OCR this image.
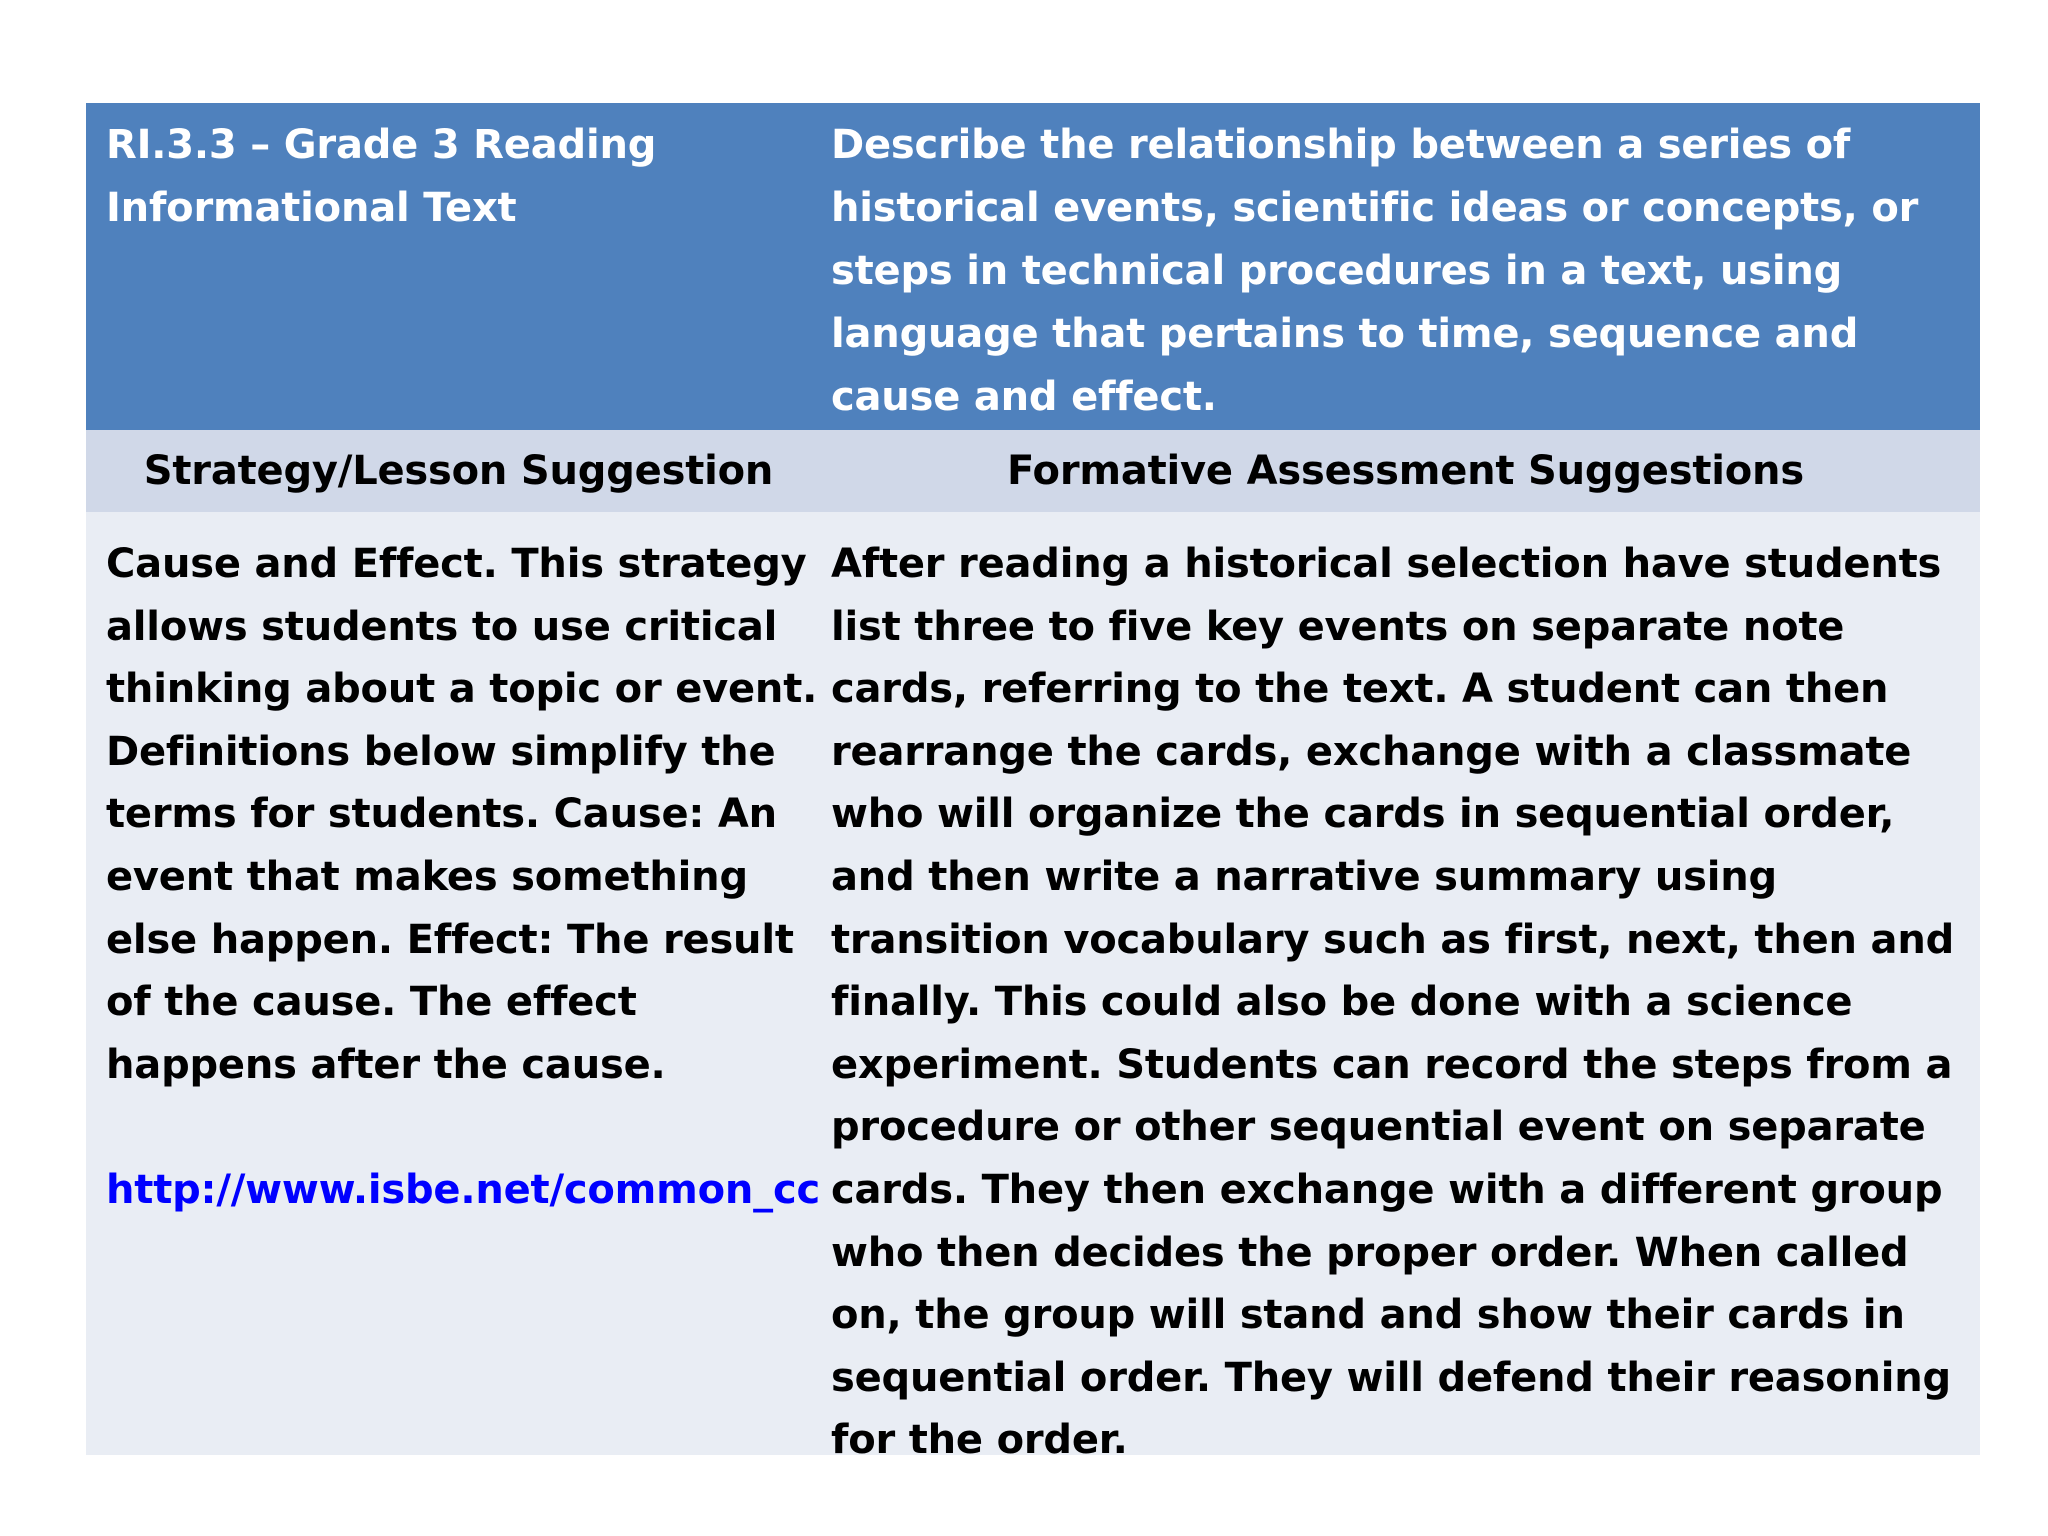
RI.3.3 – Grade 3 Reading Informational Text
Describe the relationship between a series of historical events, scientific ideas or concepts, or steps in technical procedures in a text, using language that pertains to time, sequence and cause and effect.
Strategy/Lesson Suggestion	Formative Assessment Suggestions

Cause and Effect. This strategy allows students to use critical thinking about a topic or event. Definitions below simplify the terms for students. Cause: An event that makes something else happen. Effect: The result of the cause. The effect happens after the cause.

http://www.isbe.net/common_cc

After reading a historical selection have students list three to five key events on separate note cards, referring to the text. A student can then rearrange the cards, exchange with a classmate who will organize the cards in sequential order, and then write a narrative summary using transition vocabulary such as first, next, then and finally. This could also be done with a science experiment. Students can record the steps from a procedure or other sequential event on separate cards. They then exchange with a different group who then decides the proper order. When called on, the group will stand and show their cards in sequential order. They will defend their reasoning for the order.
